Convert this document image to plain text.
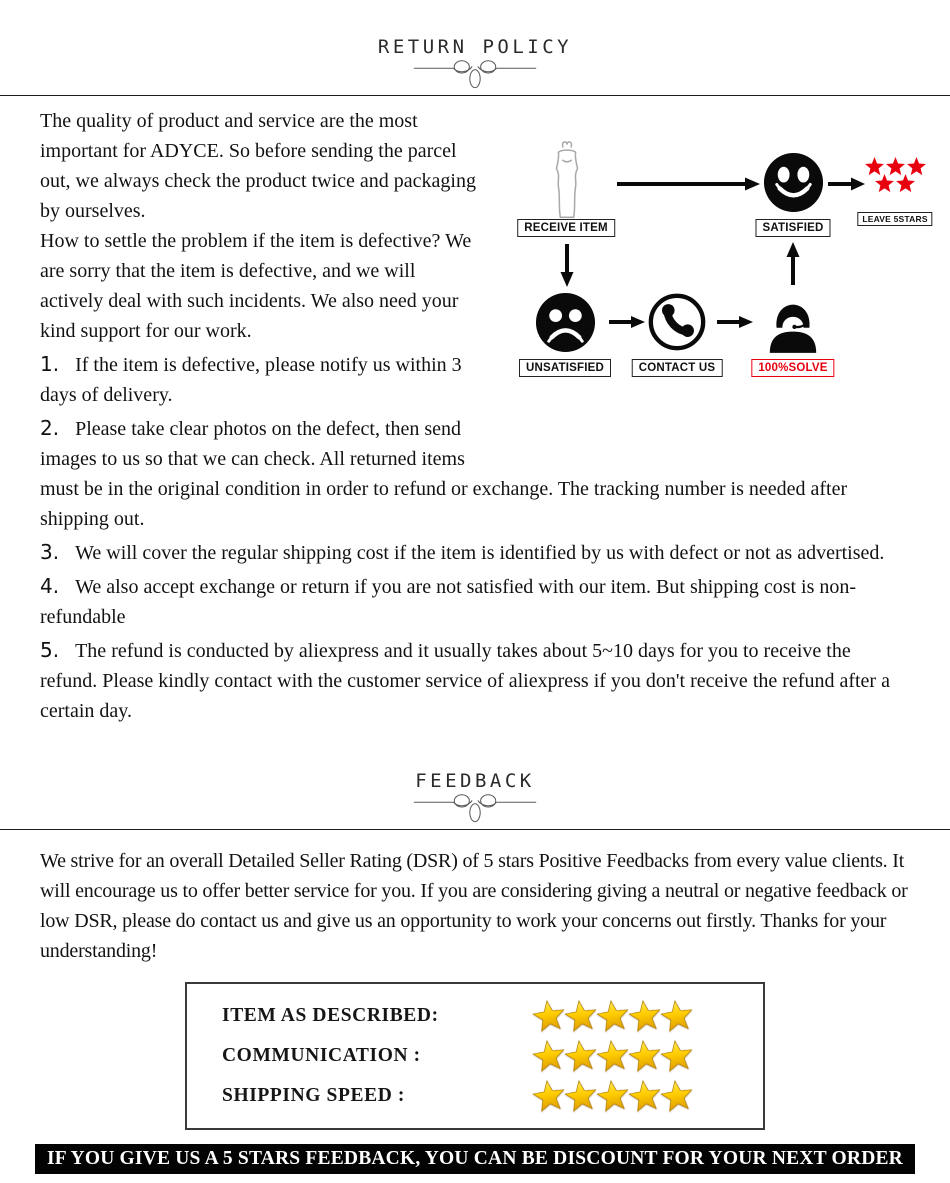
RETURN POLICY
RECEIVE ITEM	SATISFIED
LEAVE 5STARS
UNSATISFIED	CONTACT US	100%SOLVE

The quality of product and service are the most important for ADYCE. So before sending the parcel out, we always check the product twice and packaging by ourselves.

How to settle the problem if the item is defective? We are sorry that the item is defective, and we will actively deal with such incidents. We also need your kind support for our work.

1. If the item is defective, please notify us within 3 days of delivery.
2. Please take clear photos on the defect, then send images to us so that we can check. All returned items must be in the original condition in order to refund or exchange. The tracking number is needed after shipping out.
3. We will cover the regular shipping cost if the item is identified by us with defect or not as advertised.
4. We also accept exchange or return if you are not satisfied with our item. But shipping cost is non-refundable
5. The refund is conducted by aliexpress and it usually takes about 5~10 days for you to receive the refund. Please kindly contact with the customer service of aliexpress if you don't receive the refund after a certain day.
FEEDBACK

We strive for an overall Detailed Seller Rating (DSR) of 5 stars Positive Feedbacks from every value clients. It will encourage us to offer better service for you. If you are considering giving a neutral or negative feedback or low DSR, please do contact us and give us an opportunity to work your concerns out firstly. Thanks for your understanding!

ITEM AS DESCRIBED:
COMMUNICATION :
SHIPPING SPEED :
IF YOU GIVE US A 5 STARS FEEDBACK, YOU CAN BE DISCOUNT FOR YOUR NEXT ORDER
